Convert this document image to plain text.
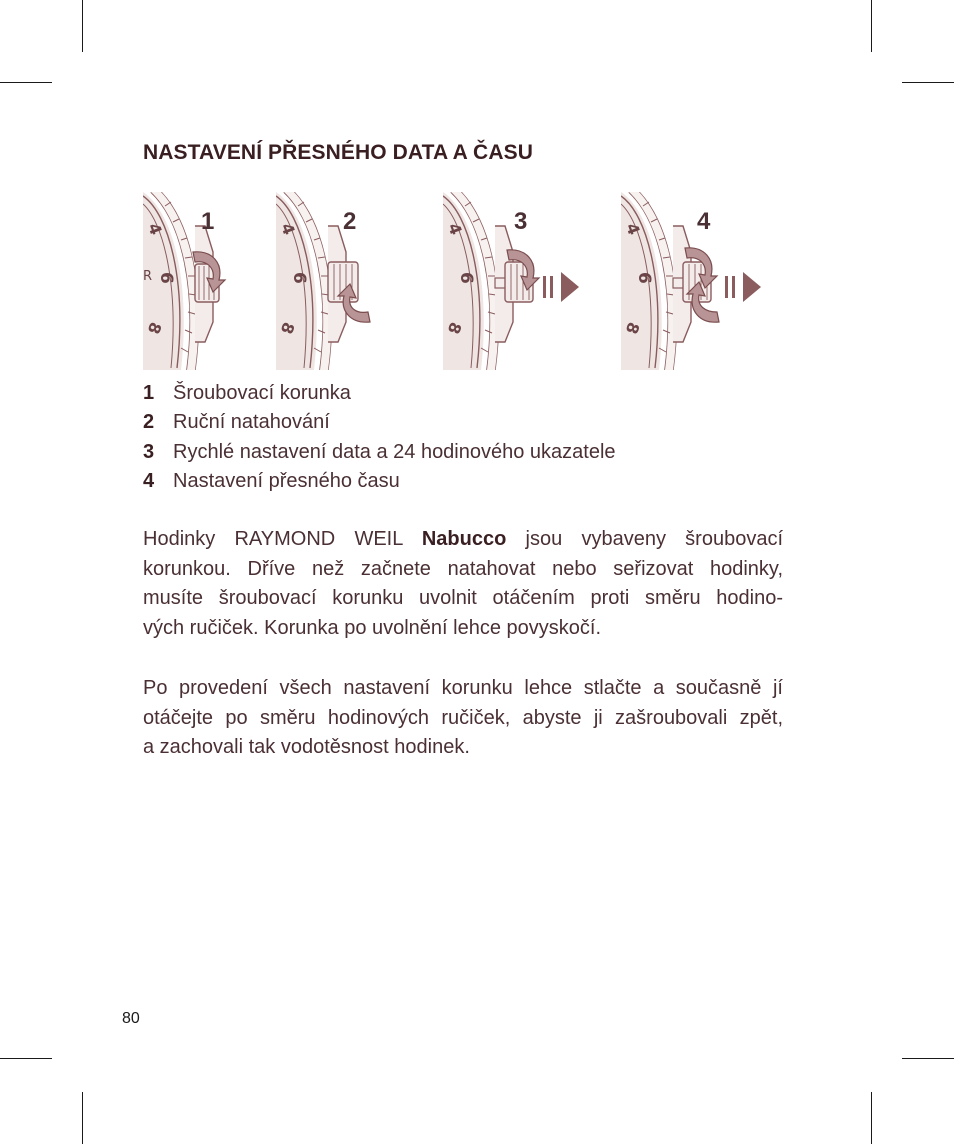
NASTAVENÍ PŘESNÉHO DATA A ČASU
4
6
8
R
1	4
6
8
2	4
6
8
3	4
6
8
4
1 Šroubovací korunka
2 Ruční natahování
3 Rychlé nastavení data a 24 hodinového ukazatele
4 Nastavení přesného času

Hodinky RAYMOND WEIL Nabucco jsou vybaveny šroubovací
korunkou. Dříve než začnete natahovat nebo seřizovat hodinky,
musíte šroubovací korunku uvolnit otáčením proti směru hodino-
vých ručiček. Korunka po uvolnění lehce povyskočí.

Po provedení všech nastavení korunku lehce stlačte a současně jí
otáčejte po směru hodinových ručiček, abyste ji zašroubovali zpět,
a zachovali tak vodotěsnost hodinek.

80
